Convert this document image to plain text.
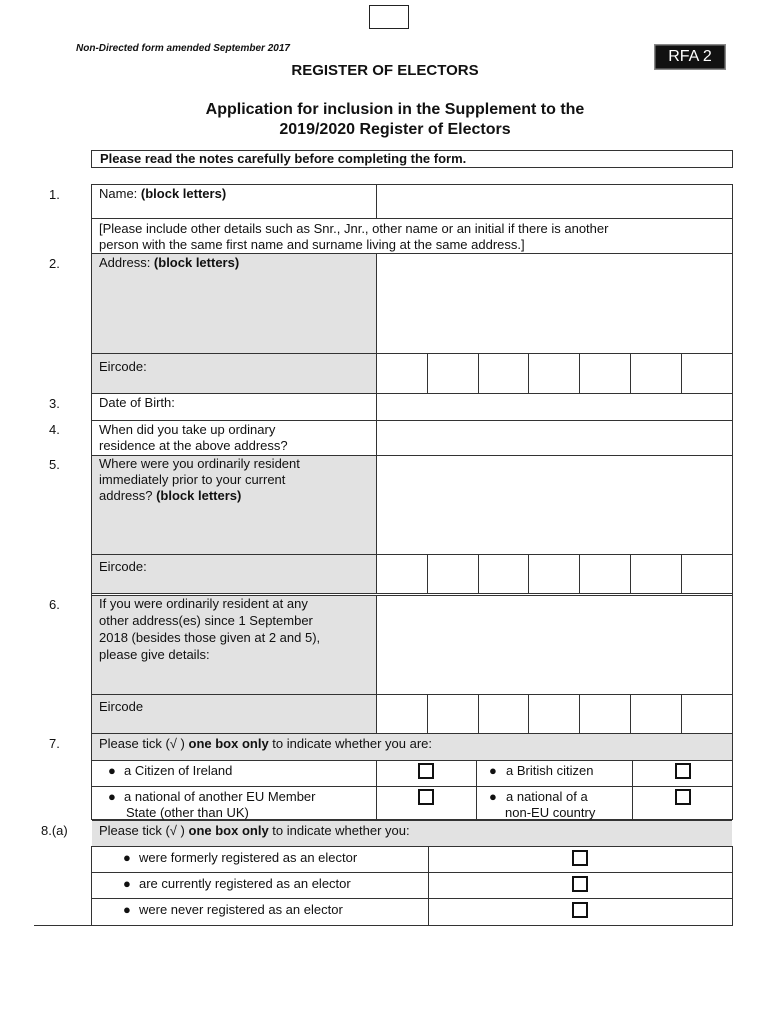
Non-Directed form amended September 2017	RFA 2
REGISTER OF ELECTORS
Application for inclusion in the Supplement to the
2019/2020 Register of Electors
Please read the notes carefully before completing the form.
1.	Name: (block letters)
[Please include other details such as Snr., Jnr., other name or an initial if there is another
person with the same first name and surname living at the same address.]
2.	Address: (block letters)
Eircode:
3.	Date of Birth:
4.	When did you take up ordinary
residence at the above address?
5.	Where were you ordinarily resident
immediately prior to your current
address? (block letters)
Eircode:
6.	If you were ordinarily resident at any
other address(es) since 1 September
2018 (besides those given at 2 and 5),
please give details:
Eircode
7.	Please tick (√ ) one box only to indicate whether you are:
● a Citizen of Ireland	● a British citizen
● a national of another EU Member
State (other than UK)
● a national of a
non-EU country
8.(a)	Please tick (√ ) one box only to indicate whether you:
● were formerly registered as an elector
● are currently registered as an elector
● were never registered as an elector
